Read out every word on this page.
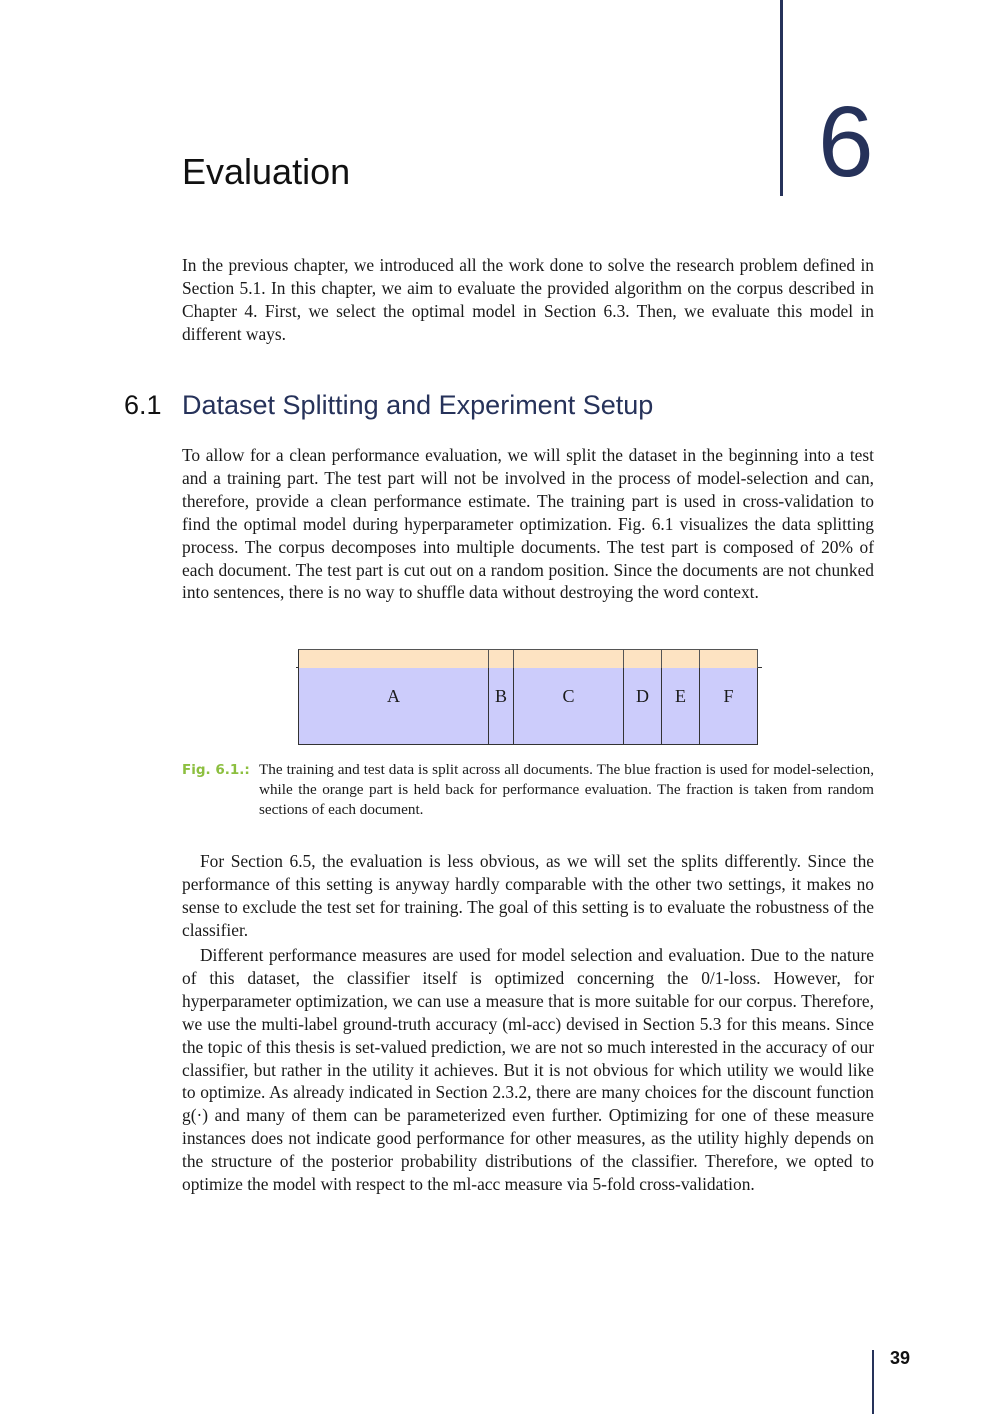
6
Evaluation

In the previous chapter, we introduced all the work done to solve the research problem defined in Section 5.1. In this chapter, we aim to evaluate the provided algorithm on the corpus described in Chapter 4. First, we select the optimal model in Section 6.3. Then, we evaluate this model in different ways.

6.1 Dataset Splitting and Experiment Setup

To allow for a clean performance evaluation, we will split the dataset in the beginning into a test and a training part. The test part will not be involved in the process of model-selection and can, therefore, provide a clean performance estimate. The training part is used in cross-validation to find the optimal model during hyperparameter optimization. Fig. 6.1 visualizes the data splitting process. The corpus decomposes into multiple documents. The test part is composed of 20% of each document. The test part is cut out on a random position. Since the documents are not chunked into sentences, there is no way to shuffle data without destroying the word context.

A	B	C	D E F
Fig. 6.1.: The training and test data is split across all documents. The blue fraction is used for model-selection, while the orange part is held back for performance evaluation. The fraction is taken from random sections of each document.

For Section 6.5, the evaluation is less obvious, as we will set the splits differently. Since the performance of this setting is anyway hardly comparable with the other two settings, it makes no sense to exclude the test set for training. The goal of this setting is to evaluate the robustness of the classifier.

Different performance measures are used for model selection and evaluation. Due to the nature of this dataset, the classifier itself is optimized concerning the 0/1-loss. However, for hyperparameter optimization, we can use a measure that is more suitable for our corpus. Therefore, we use the multi-label ground-truth accuracy (ml-acc) devised in Section 5.3 for this means. Since the topic of this thesis is set-valued prediction, we are not so much interested in the accuracy of our classifier, but rather in the utility it achieves. But it is not obvious for which utility we would like to optimize. As already indicated in Section 2.3.2, there are many choices for the discount function g(·) and many of them can be parameterized even further. Optimizing for one of these measure instances does not indicate good performance for other measures, as the utility highly depends on the structure of the posterior probability distributions of the classifier. Therefore, we opted to optimize the model with respect to the ml-acc measure via 5-fold cross-validation.

39
